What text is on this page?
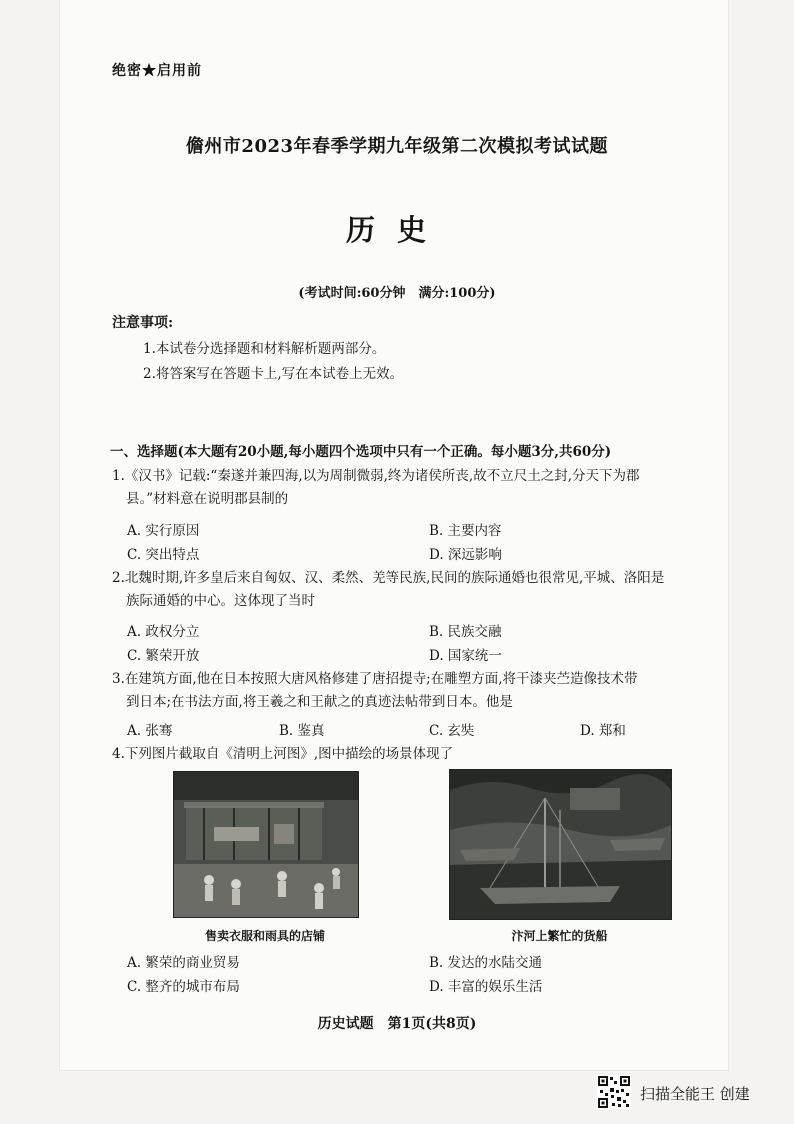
绝密★启用前
儋州市2023年春季学期九年级第二次模拟考试试题
历史
(考试时间:60分钟　满分:100分)
注意事项:
1.本试卷分选择题和材料解析题两部分。
2.将答案写在答题卡上,写在本试卷上无效。
一、选择题(本大题有20小题,每小题四个选项中只有一个正确。每小题3分,共60分)
1.《汉书》记载:“秦遂并兼四海,以为周制微弱,终为诸侯所丧,故不立尺土之封,分天下为郡
县。”材料意在说明郡县制的
A. 实行原因	B. 主要内容
C. 突出特点	D. 深远影响
2.北魏时期,许多皇后来自匈奴、汉、柔然、羌等民族,民间的族际通婚也很常见,平城、洛阳是
族际通婚的中心。这体现了当时
A. 政权分立	B. 民族交融
C. 繁荣开放	D. 国家统一
3.在建筑方面,他在日本按照大唐风格修建了唐招提寺;在雕塑方面,将干漆夹苎造像技术带
到日本;在书法方面,将王羲之和王献之的真迹法帖带到日本。他是
A. 张骞	B. 鉴真	C. 玄奘	D. 郑和
4.下列图片截取自《清明上河图》,图中描绘的场景体现了
售卖衣服和雨具的店铺	汴河上繁忙的货船
A. 繁荣的商业贸易	B. 发达的水陆交通
C. 整齐的城市布局	D. 丰富的娱乐生活
历史试题　第1页(共8页)
扫描全能王 创建
